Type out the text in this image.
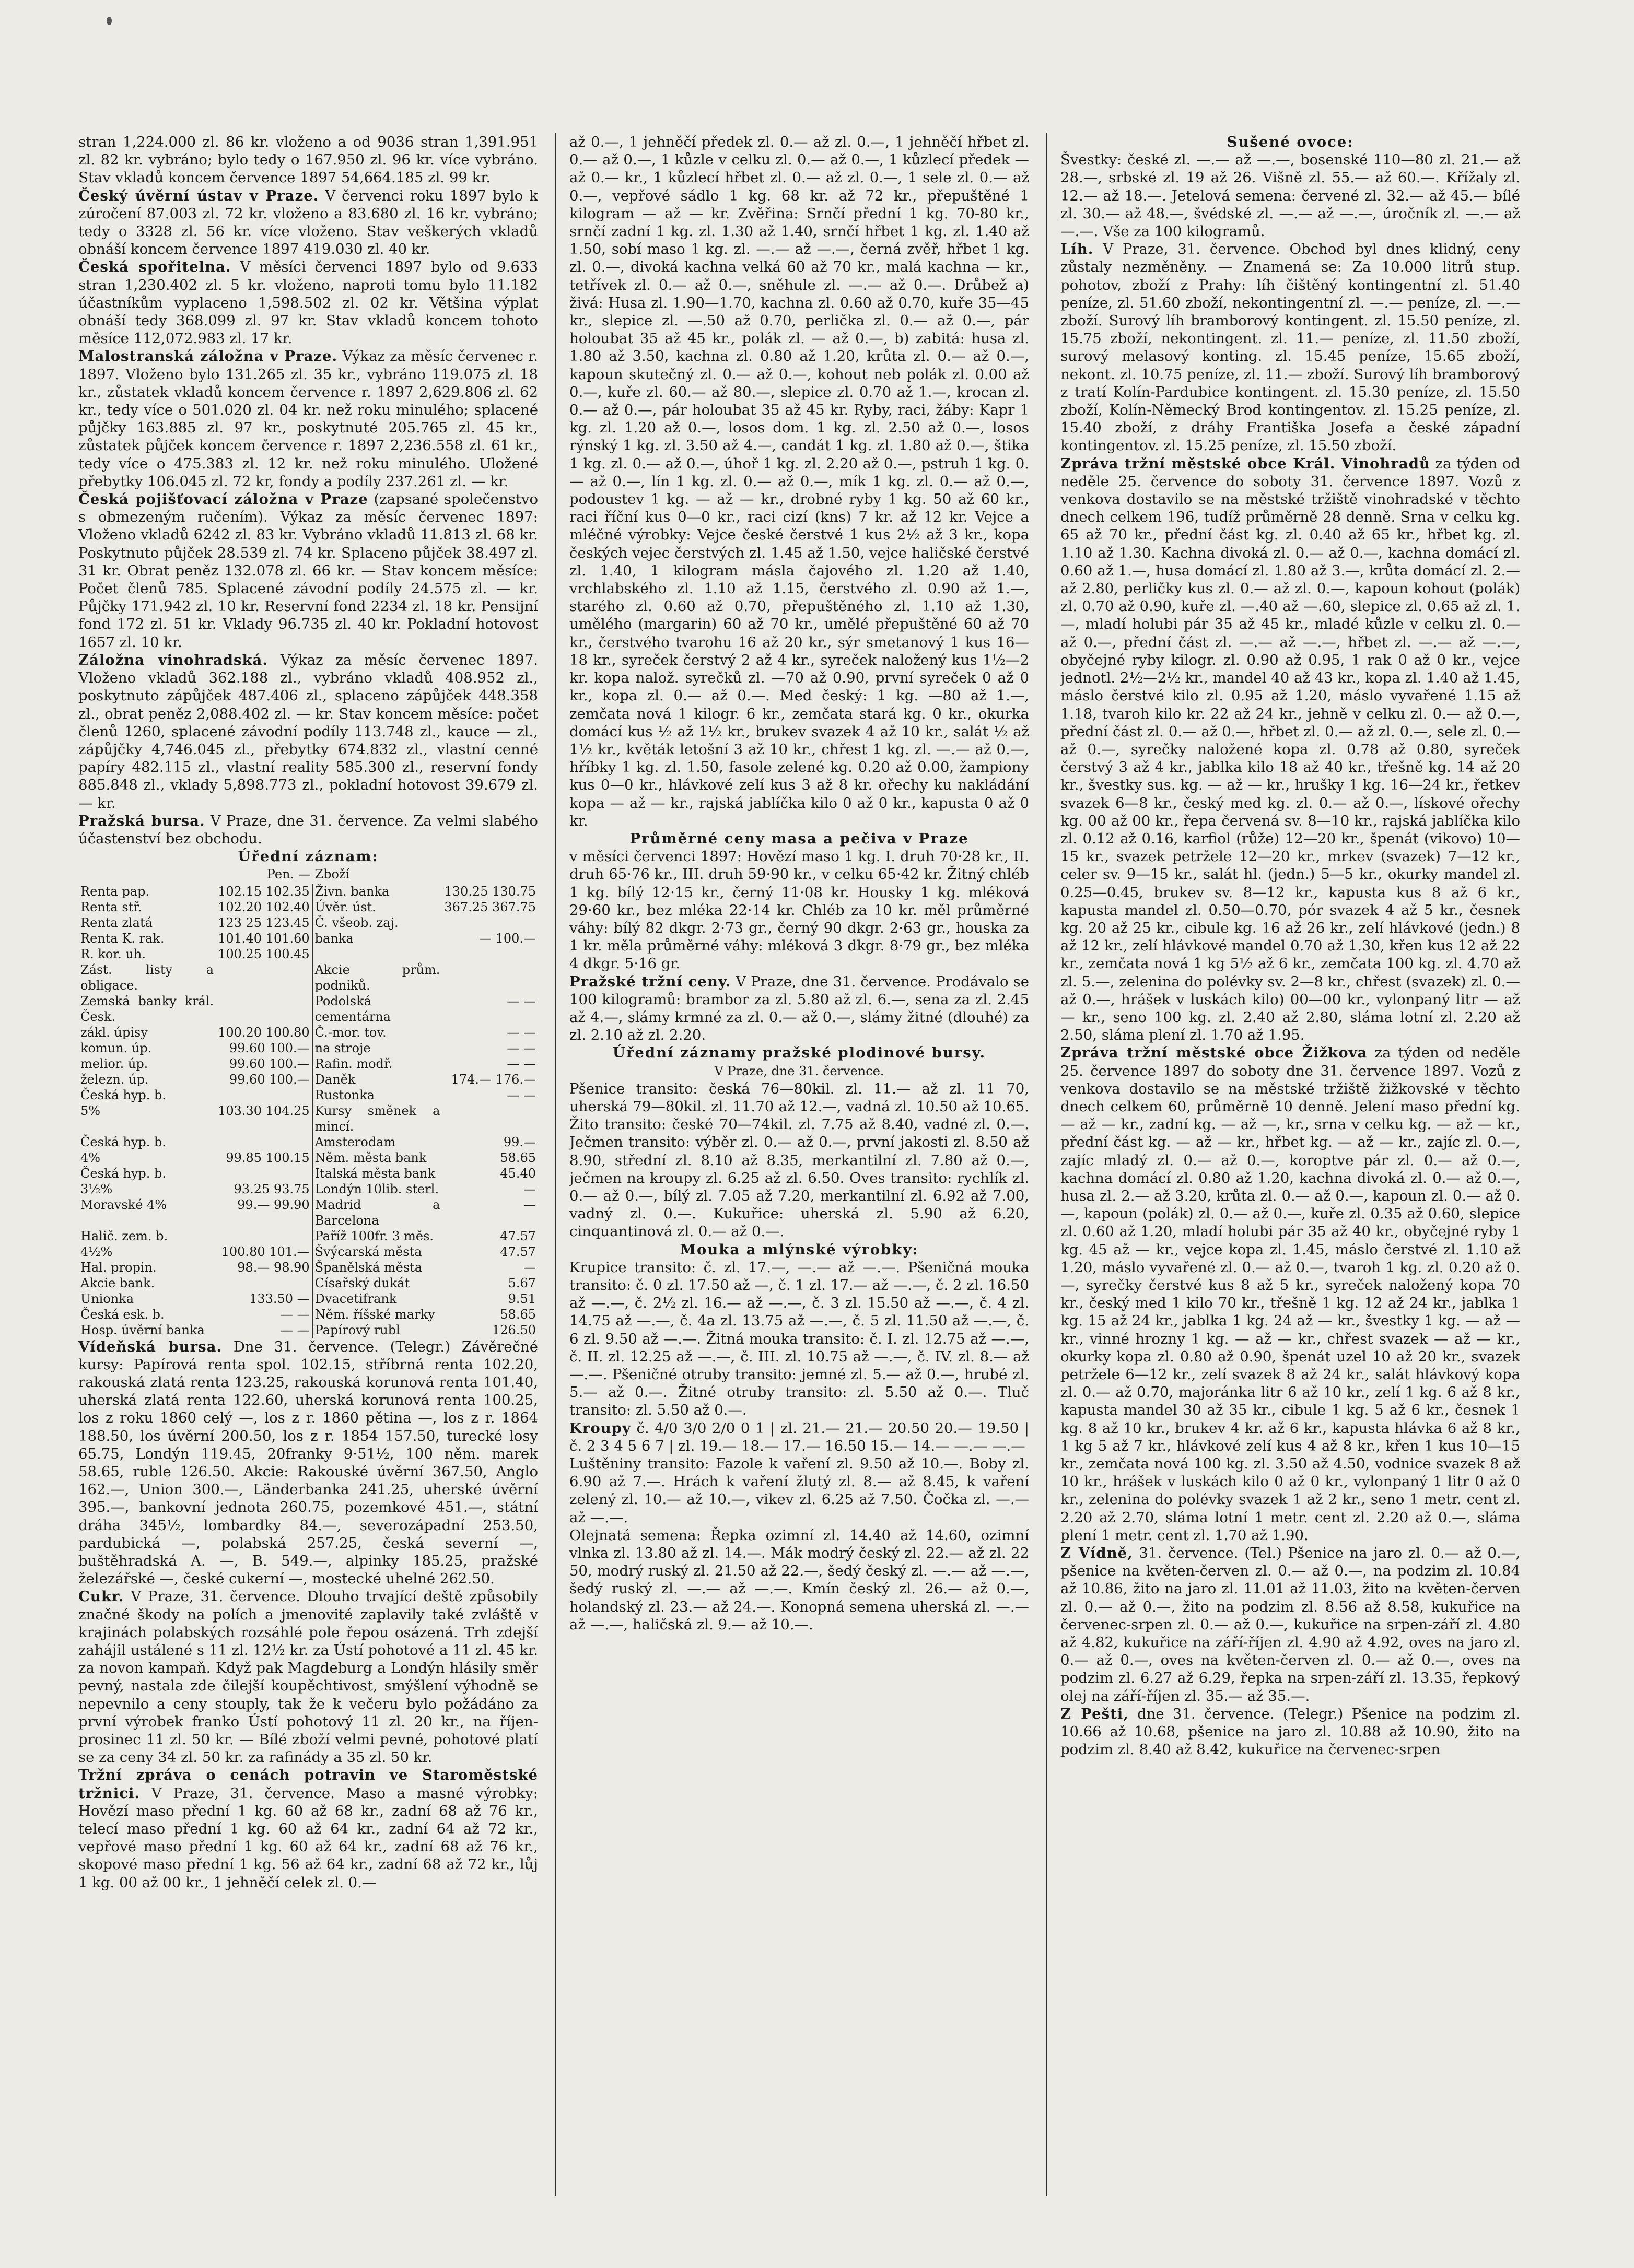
stran 1,224.000 zl. 86 kr. vloženo a od 9036 stran 1,391.951 zl. 82 kr. vybráno; bylo tedy o 167.950 zl. 96 kr. více vybráno. Stav vkladů koncem července 1897 54,664.185 zl. 99 kr.

Český úvěrní ústav v Praze. V červenci roku 1897 bylo k zúročení 87.003 zl. 72 kr. vloženo a 83.680 zl. 16 kr. vybráno; tedy o 3328 zl. 56 kr. více vloženo. Stav veškerých vkladů obnáší koncem července 1897 419.030 zl. 40 kr.

Česká spořitelna. V měsíci červenci 1897 bylo od 9.633 stran 1,230.402 zl. 5 kr. vloženo, naproti tomu bylo 11.182 účastníkům vyplaceno 1,598.502 zl. 02 kr. Většina výplat obnáší tedy 368.099 zl. 97 kr. Stav vkladů koncem tohoto měsíce 112,072.983 zl. 17 kr.

Malostranská záložna v Praze. Výkaz za měsíc červenec r. 1897. Vloženo bylo 131.265 zl. 35 kr., vybráno 119.075 zl. 18 kr., zůstatek vkladů koncem července r. 1897 2,629.806 zl. 62 kr., tedy více o 501.020 zl. 04 kr. než roku minulého; splacené půjčky 163.885 zl. 97 kr., poskytnuté 205.765 zl. 45 kr., zůstatek půjček koncem července r. 1897 2,236.558 zl. 61 kr., tedy více o 475.383 zl. 12 kr. než roku minulého. Uložené přebytky 106.045 zl. 72 kr, fondy a podíly 237.261 zl. — kr.

Česká pojišťovací záložna v Praze (zapsané společenstvo s obmezeným ručením). Výkaz za měsíc červenec 1897: Vloženo vkladů 6242 zl. 83 kr. Vybráno vkladů 11.813 zl. 68 kr. Poskytnuto půjček 28.539 zl. 74 kr. Splaceno půjček 38.497 zl. 31 kr. Obrat peněz 132.078 zl. 66 kr. — Stav koncem měsíce: Počet členů 785. Splacené závodní podíly 24.575 zl. — kr. Půjčky 171.942 zl. 10 kr. Reservní fond 2234 zl. 18 kr. Pensijní fond 172 zl. 51 kr. Vklady 96.735 zl. 40 kr. Pokladní hotovost 1657 zl. 10 kr.

Záložna vinohradská. Výkaz za měsíc červenec 1897. Vloženo vkladů 362.188 zl., vybráno vkladů 408.952 zl., poskytnuto zápůjček 487.406 zl., splaceno zápůjček 448.358 zl., obrat peněz 2,088.402 zl. — kr. Stav koncem měsíce: počet členů 1260, splacené závodní podíly 113.748 zl., kauce — zl., zápůjčky 4,746.045 zl., přebytky 674.832 zl., vlastní cenné papíry 482.115 zl., vlastní reality 585.300 zl., reservní fondy 885.848 zl., vklady 5,898.773 zl., pokladní hotovost 39.679 zl. — kr.

Pražská bursa. V Praze, dne 31. července. Za velmi slabého účastenství bez obchodu.

Úřední záznam:

Pen. — Zboží

Renta pap.	102.15 102.35	Živn. banka	130.25 130.75
Renta stř.	102.20 102.40	Úvěr. úst.	367.25 367.75
Renta zlatá	123 25 123.45	Č. všeob. zaj.	
Renta K. rak.	101.40 101.60	banka	— 100.—
R. kor. uh.	100.25 100.45		
Zást. listy a obligace.		Akcie prům. podniků.	
Zemská banky král. Česk.		Podolská cementárna	— —
zákl. úpisy	100.20 100.80	Č.-mor. tov.	— —
komun. úp.	99.60 100.—	na stroje	— —
melior. úp.	99.60 100.—	Rafin. modř.	— —
železn. úp.	99.60 100.—	Daněk	174.— 176.—
Česká hyp. b.		Rustonka	— —
5%	103.30 104.25	Kursy směnek a mincí.	
Česká hyp. b.		Amsterodam	99.—
4%	99.85 100.15	Něm. města bank	58.65
Česká hyp. b.		Italská města bank	45.40
3½%	93.25 93.75	Londýn 10lib. sterl.	—
Moravské 4%	99.— 99.90	Madrid a Barcelona	—
Halič. zem. b.		Paříž 100fr. 3 měs.	47.57
4½%	100.80 101.—	Švýcarská města	47.57
Hal. propin.	98.— 98.90	Španělská města	—
Akcie bank.		Císařský dukát	5.67
Unionka	133.50 —	Dvacetifrank	9.51
Česká esk. b.	— —	Něm. říšské marky	58.65
Hosp. úvěrní banka	— —	Papírový rubl	126.50

Vídeňská bursa. Dne 31. července. (Telegr.) Závěrečné kursy: Papírová renta spol. 102.15, stříbrná renta 102.20, rakouská zlatá renta 123.25, rakouská korunová renta 101.40, uherská zlatá renta 122.60, uherská korunová renta 100.25, los z roku 1860 celý —, los z r. 1860 pětina —, los z r. 1864 188.50, los úvěrní 200.50, los z r. 1854 157.50, turecké losy 65.75, Londýn 119.45, 20franky 9·51½, 100 něm. marek 58.65, ruble 126.50. Akcie: Rakouské úvěrní 367.50, Anglo 162.—, Union 300.—, Länderbanka 241.25, uherské úvěrní 395.—, bankovní jednota 260.75, pozemkové 451.—, státní dráha 345½, lombardky 84.—, severozápadní 253.50, pardubická —, polabská 257.25, česká severní —, buštěhradská A. —, B. 549.—, alpinky 185.25, pražské železářské —, české cukerní —, mostecké uhelné 262.50.

Cukr. V Praze, 31. července. Dlouho trvající deště způsobily značné škody na polích a jmenovité zaplavily také zvláště v krajinách polabských rozsáhlé pole řepou osázená. Trh zdejší zahájil ustálené s 11 zl. 12½ kr. za Ústí pohotové a 11 zl. 45 kr. za novon kampaň. Když pak Magdeburg a Londýn hlásily směr pevný, nastala zde čilejší koupěchtivost, smýšlení výhodně se nepevnilo a ceny stouply, tak že k večeru bylo požádáno za první výrobek franko Ústí pohotový 11 zl. 20 kr., na říjen-prosinec 11 zl. 50 kr. — Bílé zboží velmi pevné, pohotové platí se za ceny 34 zl. 50 kr. za rafinády a 35 zl. 50 kr.

Tržní zpráva o cenách potravin ve Staroměstské tržnici. V Praze, 31. července. Maso a masné výrobky: Hovězí maso přední 1 kg. 60 až 68 kr., zadní 68 až 76 kr., telecí maso přední 1 kg. 60 až 64 kr., zadní 64 až 72 kr., vepřové maso přední 1 kg. 60 až 64 kr., zadní 68 až 76 kr., skopové maso přední 1 kg. 56 až 64 kr., zadní 68 až 72 kr., lůj 1 kg. 00 až 00 kr., 1 jehněčí celek zl. 0.—

až 0.—, 1 jehněčí předek zl. 0.— až zl. 0.—, 1 jehněčí hřbet zl. 0.— až 0.—, 1 kůzle v celku zl. 0.— až 0.—, 1 kůzlecí předek — až 0.— kr., 1 kůzlecí hřbet zl. 0.— až zl. 0.—, 1 sele zl. 0.— až 0.—, vepřové sádlo 1 kg. 68 kr. až 72 kr., přepuštěné 1 kilogram — až — kr. Zvěřina: Srnčí přední 1 kg. 70-80 kr., srnčí zadní 1 kg. zl. 1.30 až 1.40, srnčí hřbet 1 kg. zl. 1.40 až 1.50, sobí maso 1 kg. zl. —.— až —.—, černá zvěř, hřbet 1 kg. zl. 0.—, divoká kachna velká 60 až 70 kr., malá kachna — kr., tetřívek zl. 0.— až 0.—, sněhule zl. —.— až 0.—. Drůbež a) živá: Husa zl. 1.90—1.70, kachna zl. 0.60 až 0.70, kuře 35—45 kr., slepice zl. —.50 až 0.70, perlička zl. 0.— až 0.—, pár holoubat 35 až 45 kr., polák zl. — až 0.—, b) zabitá: husa zl. 1.80 až 3.50, kachna zl. 0.80 až 1.20, krůta zl. 0.— až 0.—, kapoun skutečný zl. 0.— až 0.—, kohout neb polák zl. 0.00 až 0.—, kuře zl. 60.— až 80.—, slepice zl. 0.70 až 1.—, krocan zl. 0.— až 0.—, pár holoubat 35 až 45 kr. Ryby, raci, žáby: Kapr 1 kg. zl. 1.20 až 0.—, losos dom. 1 kg. zl. 2.50 až 0.—, losos rýnský 1 kg. zl. 3.50 až 4.—, candát 1 kg. zl. 1.80 až 0.—, štika 1 kg. zl. 0.— až 0.—, úhoř 1 kg. zl. 2.20 až 0.—, pstruh 1 kg. 0.— až 0.—, lín 1 kg. zl. 0.— až 0.—, mík 1 kg. zl. 0.— až 0.—, podoustev 1 kg. — až — kr., drobné ryby 1 kg. 50 až 60 kr., raci říční kus 0—0 kr., raci cizí (kns) 7 kr. až 12 kr. Vejce a mléčné výrobky: Vejce české čerstvé 1 kus 2½ až 3 kr., kopa českých vejec čerstvých zl. 1.45 až 1.50, vejce haličské čerstvé zl. 1.40, 1 kilogram másla čajového zl. 1.20 až 1.40, vrchlabského zl. 1.10 až 1.15, čerstvého zl. 0.90 až 1.—, starého zl. 0.60 až 0.70, přepuštěného zl. 1.10 až 1.30, umělého (margarin) 60 až 70 kr., umělé přepuštěné 60 až 70 kr., čerstvého tvarohu 16 až 20 kr., sýr smetanový 1 kus 16—18 kr., syreček čerstvý 2 až 4 kr., syreček naložený kus 1½—2 kr. kopa nalož. syrečků zl. —70 až 0.90, první syreček 0 až 0 kr., kopa zl. 0.— až 0.—. Med český: 1 kg. —80 až 1.—, zemčata nová 1 kilogr. 6 kr., zemčata stará kg. 0 kr., okurka domácí kus ½ až 1½ kr., brukev svazek 4 až 10 kr., salát ½ až 1½ kr., květák letošní 3 až 10 kr., chřest 1 kg. zl. —.— až 0.—, hříbky 1 kg. zl. 1.50, fasole zelené kg. 0.20 až 0.00, žampiony kus 0—0 kr., hlávkové zelí kus 3 až 8 kr. ořechy ku nakládání kopa — až — kr., rajská jablíčka kilo 0 až 0 kr., kapusta 0 až 0 kr.

Průměrné ceny masa a pečiva v Praze

v měsíci červenci 1897: Hovězí maso 1 kg. I. druh 70·28 kr., II. druh 65·76 kr., III. druh 59·90 kr., v celku 65·42 kr. Žitný chléb 1 kg. bílý 12·15 kr., černý 11·08 kr. Housky 1 kg. mléková 29·60 kr., bez mléka 22·14 kr. Chléb za 10 kr. měl průměrné váhy: bílý 82 dkgr. 2·73 gr., černý 90 dkgr. 2·63 gr., houska za 1 kr. měla průměrné váhy: mléková 3 dkgr. 8·79 gr., bez mléka 4 dkgr. 5·16 gr.

Pražské tržní ceny. V Praze, dne 31. července. Prodávalo se 100 kilogramů: brambor za zl. 5.80 až zl. 6.—, sena za zl. 2.45 až 4.—, slámy krmné za zl. 0.— až 0.—, slámy žitné (dlouhé) za zl. 2.10 až zl. 2.20.

Úřední záznamy pražské plodinové bursy.

V Praze, dne 31. července.

Pšenice transito: česká 76—80kil. zl. 11.— až zl. 11 70, uherská 79—80kil. zl. 11.70 až 12.—, vadná zl. 10.50 až 10.65. Žito transito: české 70—74kil. zl. 7.75 až 8.40, vadné zl. 0.—. Ječmen transito: výběr zl. 0.— až 0.—, první jakosti zl. 8.50 až 8.90, střední zl. 8.10 až 8.35, merkantilní zl. 7.80 až 0.—, ječmen na kroupy zl. 6.25 až zl. 6.50. Oves transito: rychlík zl. 0.— až 0.—, bílý zl. 7.05 až 7.20, merkantilní zl. 6.92 až 7.00, vadný zl. 0.—. Kukuřice: uherská zl. 5.90 až 6.20, cinquantinová zl. 0.— až 0.—.

Mouka a mlýnské výrobky:

Krupice transito: č. zl. 17.—, —.— až —.—. Pšeničná mouka transito: č. 0 zl. 17.50 až —, č. 1 zl. 17.— až —.—, č. 2 zl. 16.50 až —.—, č. 2½ zl. 16.— až —.—, č. 3 zl. 15.50 až —.—, č. 4 zl. 14.75 až —.—, č. 4a zl. 13.75 až —.—, č. 5 zl. 11.50 až —.—, č. 6 zl. 9.50 až —.—. Žitná mouka transito: č. I. zl. 12.75 až —.—, č. II. zl. 12.25 až —.—, č. III. zl. 10.75 až —.—, č. IV. zl. 8.— až —.—. Pšeničné otruby transito: jemné zl. 5.— až 0.—, hrubé zl. 5.— až 0.—. Žitné otruby transito: zl. 5.50 až 0.—. Tluč transito: zl. 5.50 až 0.—.

Kroupy č. 4/0 3/0 2/0 0 1 | zl. 21.— 21.— 20.50 20.— 19.50 | č. 2 3 4 5 6 7 | zl. 19.— 18.— 17.— 16.50 15.— 14.— —.— —.—

Luštěniny transito: Fazole k vaření zl. 9.50 až 10.—. Boby zl. 6.90 až 7.—. Hrách k vaření žlutý zl. 8.— až 8.45, k vaření zelený zl. 10.— až 10.—, vikev zl. 6.25 až 7.50. Čočka zl. —.— až —.—.

Olejnatá semena: Řepka ozimní zl. 14.40 až 14.60, ozimní vlnka zl. 13.80 až zl. 14.—. Mák modrý český zl. 22.— až zl. 22 50, modrý ruský zl. 21.50 až 22.—, šedý český zl. —.— až —.—, šedý ruský zl. —.— až —.—. Kmín český zl. 26.— až 0.—, holandský zl. 23.— až 24.—. Konopná semena uherská zl. —.— až —.—, haličská zl. 9.— až 10.—.

Sušené ovoce:

Švestky: české zl. —.— až —.—, bosenské 110—80 zl. 21.— až 28.—, srbské zl. 19 až 26. Višně zl. 55.— až 60.—. Křížaly zl. 12.— až 18.—. Jetelová semena: červené zl. 32.— až 45.— bílé zl. 30.— až 48.—, švédské zl. —.— až —.—, úročník zl. —.— až —.—. Vše za 100 kilogramů.

Líh. V Praze, 31. července. Obchod byl dnes klidný, ceny zůstaly nezměněny. — Znamená se: Za 10.000 litrů stup. pohotov, zboží z Prahy: líh čištěný kontingentní zl. 51.40 peníze, zl. 51.60 zboží, nekontingentní zl. —.— peníze, zl. —.— zboží. Surový líh bramborový kontingent. zl. 15.50 peníze, zl. 15.75 zboží, nekontingent. zl. 11.— peníze, zl. 11.50 zboží, surový melasový konting. zl. 15.45 peníze, 15.65 zboží, nekont. zl. 10.75 peníze, zl. 11.— zboží. Surový líh bramborový z tratí Kolín-Pardubice kontingent. zl. 15.30 peníze, zl. 15.50 zboží, Kolín-Německý Brod kontingentov. zl. 15.25 peníze, zl. 15.40 zboží, z dráhy Františka Josefa a české západní kontingentov. zl. 15.25 peníze, zl. 15.50 zboží.

Zpráva tržní městské obce Král. Vinohradů za týden od neděle 25. července do soboty 31. července 1897. Vozů z venkova dostavilo se na městské tržiště vinohradské v těchto dnech celkem 196, tudíž průměrně 28 denně. Srna v celku kg. 65 až 70 kr., přední část kg. zl. 0.40 až 65 kr., hřbet kg. zl. 1.10 až 1.30. Kachna divoká zl. 0.— až 0.—, kachna domácí zl. 0.60 až 1.—, husa domácí zl. 1.80 až 3.—, krůta domácí zl. 2.— až 2.80, perličky kus zl. 0.— až zl. 0.—, kapoun kohout (polák) zl. 0.70 až 0.90, kuře zl. —.40 až —.60, slepice zl. 0.65 až zl. 1.—, mladí holubi pár 35 až 45 kr., mladé kůzle v celku zl. 0.— až 0.—, přední část zl. —.— až —.—, hřbet zl. —.— až —.—, obyčejné ryby kilogr. zl. 0.90 až 0.95, 1 rak 0 až 0 kr., vejce jednotl. 2½—2½ kr., mandel 40 až 43 kr., kopa zl. 1.40 až 1.45, máslo čerstvé kilo zl. 0.95 až 1.20, máslo vyvařené 1.15 až 1.18, tvaroh kilo kr. 22 až 24 kr., jehně v celku zl. 0.— až 0.—, přední část zl. 0.— až 0.—, hřbet zl. 0.— až zl. 0.—, sele zl. 0.— až 0.—, syrečky naložené kopa zl. 0.78 až 0.80, syreček čerstvý 3 až 4 kr., jablka kilo 18 až 40 kr., třešně kg. 14 až 20 kr., švestky sus. kg. — až — kr., hrušky 1 kg. 16—24 kr., řetkev svazek 6—8 kr., český med kg. zl. 0.— až 0.—, lískové ořechy kg. 00 až 00 kr., řepa červená sv. 8—10 kr., rajská jablíčka kilo zl. 0.12 až 0.16, karfiol (růže) 12—20 kr., špenát (vikovo) 10—15 kr., svazek petržele 12—20 kr., mrkev (svazek) 7—12 kr., celer sv. 9—15 kr., salát hl. (jedn.) 5—5 kr., okurky mandel zl. 0.25—0.45, brukev sv. 8—12 kr., kapusta kus 8 až 6 kr., kapusta mandel zl. 0.50—0.70, pór svazek 4 až 5 kr., česnek kg. 20 až 25 kr., cibule kg. 16 až 26 kr., zelí hlávkové (jedn.) 8 až 12 kr., zelí hlávkové mandel 0.70 až 1.30, křen kus 12 až 22 kr., zemčata nová 1 kg 5½ až 6 kr., zemčata 100 kg. zl. 4.70 až zl. 5.—, zelenina do polévky sv. 2—8 kr., chřest (svazek) zl. 0.— až 0.—, hrášek v luskách kilo) 00—00 kr., vylonpaný litr — až — kr., seno 100 kg. zl. 2.40 až 2.80, sláma lotní zl. 2.20 až 2.50, sláma plení zl. 1.70 až 1.95.

Zpráva tržní městské obce Žižkova za týden od neděle 25. července 1897 do soboty dne 31. července 1897. Vozů z venkova dostavilo se na městské tržiště žižkovské v těchto dnech celkem 60, průměrně 10 denně. Jelení maso přední kg. — až — kr., zadní kg. — až —, kr., srna v celku kg. — až — kr., přední část kg. — až — kr., hřbet kg. — až — kr., zajíc zl. 0.—, zajíc mladý zl. 0.— až 0.—, koroptve pár zl. 0.— až 0.—, kachna domácí zl. 0.80 až 1.20, kachna divoká zl. 0.— až 0.—, husa zl. 2.— až 3.20, krůta zl. 0.— až 0.—, kapoun zl. 0.— až 0.—, kapoun (polák) zl. 0.— až 0.—, kuře zl. 0.35 až 0.60, slepice zl. 0.60 až 1.20, mladí holubi pár 35 až 40 kr., obyčejné ryby 1 kg. 45 až — kr., vejce kopa zl. 1.45, máslo čerstvé zl. 1.10 až 1.20, máslo vyvařené zl. 0.— až 0.—, tvaroh 1 kg. zl. 0.20 až 0.—, syrečky čerstvé kus 8 až 5 kr., syreček naložený kopa 70 kr., český med 1 kilo 70 kr., třešně 1 kg. 12 až 24 kr., jablka 1 kg. 15 až 24 kr., jablka 1 kg. 24 až — kr., švestky 1 kg. — až — kr., vinné hrozny 1 kg. — až — kr., chřest svazek — až — kr., okurky kopa zl. 0.80 až 0.90, špenát uzel 10 až 20 kr., svazek petržele 6—12 kr., zelí svazek 8 až 24 kr., salát hlávkový kopa zl. 0.— až 0.70, majoránka litr 6 až 10 kr., zelí 1 kg. 6 až 8 kr., kapusta mandel 30 až 35 kr., cibule 1 kg. 5 až 6 kr., česnek 1 kg. 8 až 10 kr., brukev 4 kr. až 6 kr., kapusta hlávka 6 až 8 kr., 1 kg 5 až 7 kr., hlávkové zelí kus 4 až 8 kr., křen 1 kus 10—15 kr., zemčata nová 100 kg. zl. 3.50 až 4.50, vodnice svazek 8 až 10 kr., hrášek v luskách kilo 0 až 0 kr., vylonpaný 1 litr 0 až 0 kr., zelenina do polévky svazek 1 až 2 kr., seno 1 metr. cent zl. 2.20 až 2.70, sláma lotní 1 metr. cent zl. 2.20 až 0.—, sláma plení 1 metr. cent zl. 1.70 až 1.90.

Z Vídně, 31. července. (Tel.) Pšenice na jaro zl. 0.— až 0.—, pšenice na květen-červen zl. 0.— až 0.—, na podzim zl. 10.84 až 10.86, žito na jaro zl. 11.01 až 11.03, žito na květen-červen zl. 0.— až 0.—, žito na podzim zl. 8.56 až 8.58, kukuřice na červenec-srpen zl. 0.— až 0.—, kukuřice na srpen-září zl. 4.80 až 4.82, kukuřice na září-říjen zl. 4.90 až 4.92, oves na jaro zl. 0.— až 0.—, oves na květen-červen zl. 0.— až 0.—, oves na podzim zl. 6.27 až 6.29, řepka na srpen-září zl. 13.35, řepkový olej na září-říjen zl. 35.— až 35.—.

Z Pešti, dne 31. července. (Telegr.) Pšenice na podzim zl. 10.66 až 10.68, pšenice na jaro zl. 10.88 až 10.90, žito na podzim zl. 8.40 až 8.42, kukuřice na červenec-srpen
